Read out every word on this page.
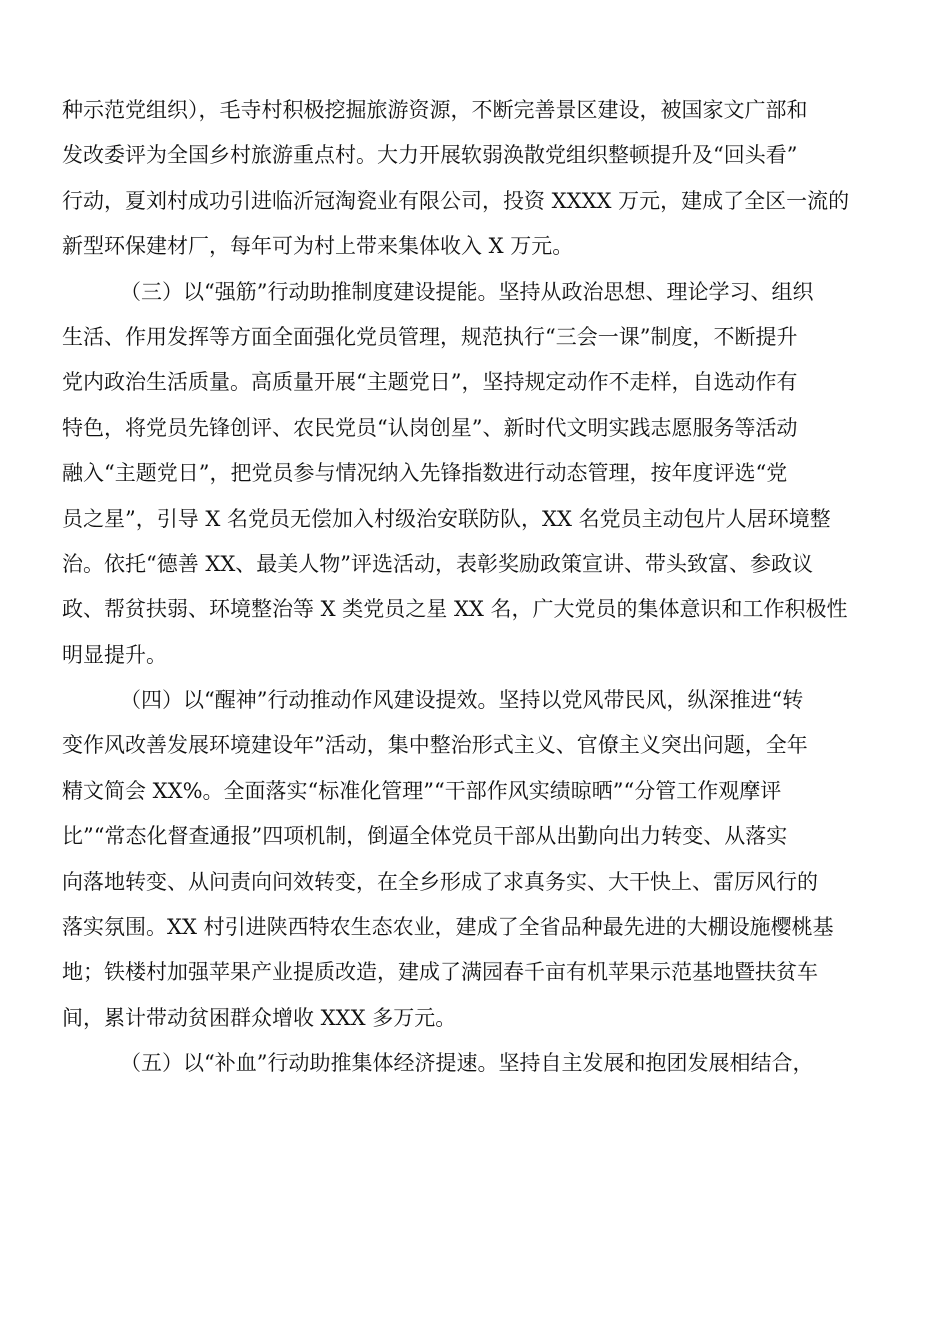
种示范党组织），毛寺村积极挖掘旅游资源，不断完善景区建设，被国家文广部和
发改委评为全国乡村旅游重点村。大力开展软弱涣散党组织整顿提升及“回头看”
行动，夏刘村成功引进临沂冠淘瓷业有限公司，投资 XXXX 万元，建成了全区一流的
新型环保建材厂，每年可为村上带来集体收入 X 万元。
（三）以“强筋”行动助推制度建设提能。坚持从政治思想、理论学习、组织
生活、作用发挥等方面全面强化党员管理，规范执行“三会一课”制度，不断提升
党内政治生活质量。高质量开展“主题党日”，坚持规定动作不走样，自选动作有
特色，将党员先锋创评、农民党员“认岗创星”、新时代文明实践志愿服务等活动
融入“主题党日”，把党员参与情况纳入先锋指数进行动态管理，按年度评选“党
员之星”，引导 X 名党员无偿加入村级治安联防队，XX 名党员主动包片人居环境整
治。依托“德善 XX、最美人物”评选活动，表彰奖励政策宣讲、带头致富、参政议
政、帮贫扶弱、环境整治等 X 类党员之星 XX 名，广大党员的集体意识和工作积极性
明显提升。
（四）以“醒神”行动推动作风建设提效。坚持以党风带民风，纵深推进“转
变作风改善发展环境建设年”活动，集中整治形式主义、官僚主义突出问题，全年
精文简会 XX%。全面落实“标准化管理”“干部作风实绩晾晒”“分管工作观摩评
比”“常态化督查通报”四项机制，倒逼全体党员干部从出勤向出力转变、从落实
向落地转变、从问责向问效转变，在全乡形成了求真务实、大干快上、雷厉风行的
落实氛围。XX 村引进陕西特农生态农业，建成了全省品种最先进的大棚设施樱桃基
地；铁楼村加强苹果产业提质改造，建成了满园春千亩有机苹果示范基地暨扶贫车
间，累计带动贫困群众增收 XXX 多万元。
（五）以“补血”行动助推集体经济提速。坚持自主发展和抱团发展相结合，
